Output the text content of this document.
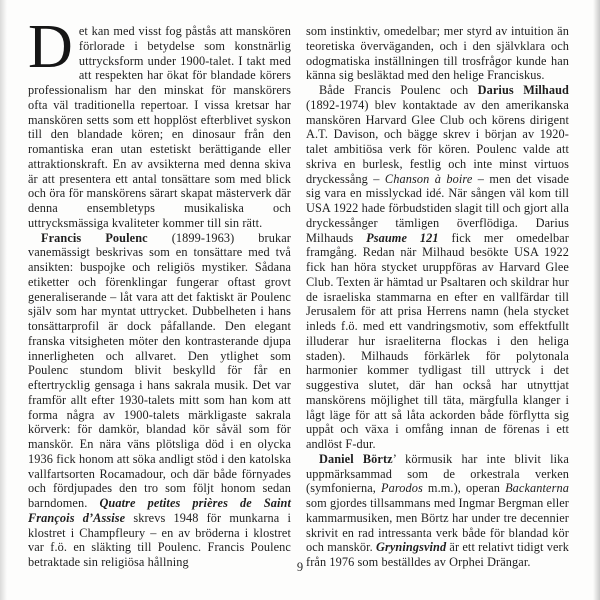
Det kan med visst fog påstås att manskören förlorade i betydelse som konstnärlig uttrycksform under 1900-talet. I takt med att respekten har ökat för blandade körers professionalism har den minskat för manskörers ofta väl traditionella repertoar. I vissa kretsar har manskören setts som ett hopplöst efterblivet syskon till den blandade kören; en dinosaur från den romantiska eran utan estetiskt berättigande eller attraktionskraft. En av avsikterna med denna skiva är att presentera ett antal tonsättare som med blick och öra för manskörens särart skapat mästerverk där denna ensembletyps musikaliska och uttrycksmässiga kvaliteter kommer till sin rätt.

Francis Poulenc (1899-1963) brukar vanemässigt beskrivas som en tonsättare med två ansikten: buspojke och religiös mystiker. Sådana etiketter och förenklingar fungerar oftast grovt generaliserande – låt vara att det faktiskt är Poulenc själv som har myntat uttrycket. Dubbelheten i hans tonsättarprofil är dock påfallande. Den elegant franska vitsigheten möter den kontrasterande djupa innerligheten och allvaret. Den ytlighet som Poulenc stundom blivit beskylld för får en eftertrycklig gensaga i hans sakrala musik. Det var framför allt efter 1930-talets mitt som han kom att forma några av 1900-talets märkligaste sakrala körverk: för damkör, blandad kör såväl som för manskör. En nära väns plötsliga död i en olycka 1936 fick honom att söka andligt stöd i den katolska vallfartsorten Rocamadour, och där både förnyades och fördjupades den tro som följt honom sedan barndomen. Quatre petites prières de Saint François d’Assise skrevs 1948 för munkarna i klostret i Champfleury – en av bröderna i klostret var f.ö. en släkting till Poulenc. Francis Poulenc betraktade sin religiösa hållning

som instinktiv, omedelbar; mer styrd av intuition än teoretiska överväganden, och i den självklara och odogmatiska inställningen till trosfrågor kunde han känna sig besläktad med den helige Franciskus.

Både Francis Poulenc och Darius Milhaud (1892-1974) blev kontaktade av den amerikanska manskören Harvard Glee Club och körens dirigent A.T. Davison, och bägge skrev i början av 1920-talet ambitiösa verk för kören. Poulenc valde att skriva en burlesk, festlig och inte minst virtuos dryckessång – Chanson à boire – men det visade sig vara en misslyckad idé. När sången väl kom till USA 1922 hade förbudstiden slagit till och gjort alla dryckessånger tämligen överflödiga. Darius Milhauds Psaume 121 fick mer omedelbar framgång. Redan när Milhaud besökte USA 1922 fick han höra stycket uruppföras av Harvard Glee Club. Texten är hämtad ur Psaltaren och skildrar hur de israeliska stammarna en efter en vallfärdar till Jerusalem för att prisa Herrens namn (hela stycket inleds f.ö. med ett vandringsmotiv, som effektfullt illuderar hur israeliterna flockas i den heliga staden). Milhauds förkärlek för polytonala harmonier kommer tydligast till uttryck i det suggestiva slutet, där han också har utnyttjat manskörens möjlighet till täta, märgfulla klanger i lågt läge för att så låta ackorden både förflytta sig uppåt och växa i omfång innan de förenas i ett andlöst F-dur.

Daniel Börtz’ körmusik har inte blivit lika uppmärksammad som de orkestrala verken (symfonierna, Parodos m.m.), operan Backanterna som gjordes tillsammans med Ingmar Bergman eller kammarmusiken, men Börtz har under tre decennier skrivit en rad intressanta verk både för blandad kör och manskör. Gryningsvind är ett relativt tidigt verk från 1976 som beställdes av Orphei Drängar.

9
